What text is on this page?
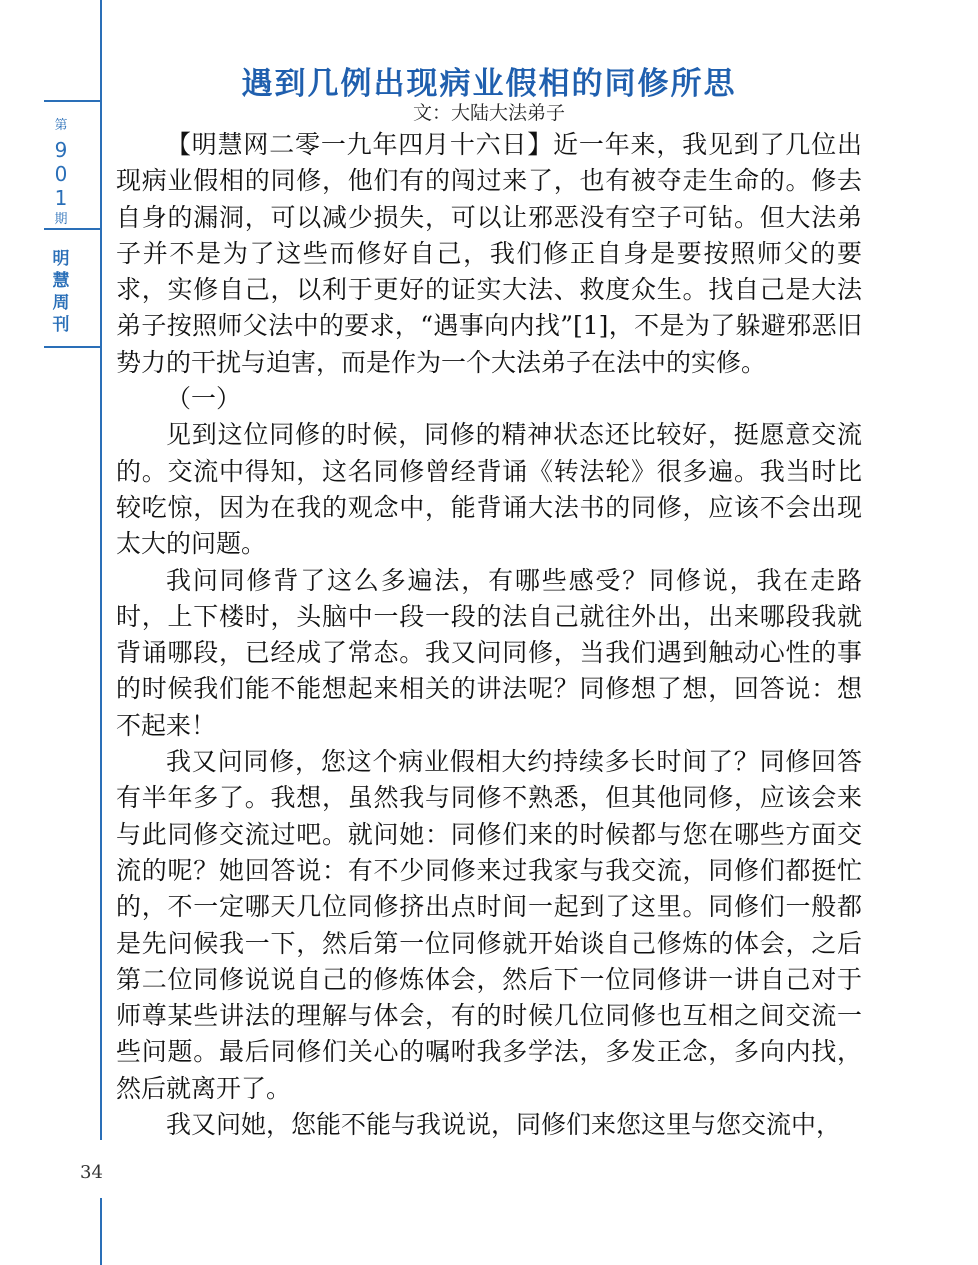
第
9
0
1
期
明
慧
周
刊
34
遇到几例出现病业假相的同修所思
文：大陆大法弟子

【明慧网二零一九年四月十六日】近一年来，我见到了几位出现病业假相的同修，他们有的闯过来了，也有被夺走生命的。修去自身的漏洞，可以减少损失，可以让邪恶没有空子可钻。但大法弟子并不是为了这些而修好自己，我们修正自身是要按照师父的要求，实修自己，以利于更好的证实大法、救度众生。找自己是大法弟子按照师父法中的要求，“遇事向内找”[1]，不是为了躲避邪恶旧势力的干扰与迫害，而是作为一个大法弟子在法中的实修。

（一）

见到这位同修的时候，同修的精神状态还比较好，挺愿意交流的。交流中得知，这名同修曾经背诵《转法轮》很多遍。我当时比较吃惊，因为在我的观念中，能背诵大法书的同修，应该不会出现太大的问题。

我问同修背了这么多遍法，有哪些感受？同修说，我在走路时，上下楼时，头脑中一段一段的法自己就往外出，出来哪段我就背诵哪段，已经成了常态。我又问同修，当我们遇到触动心性的事的时候我们能不能想起来相关的讲法呢？同修想了想，回答说：想不起来！

我又问同修，您这个病业假相大约持续多长时间了？同修回答有半年多了。我想，虽然我与同修不熟悉，但其他同修，应该会来与此同修交流过吧。就问她：同修们来的时候都与您在哪些方面交流的呢？她回答说：有不少同修来过我家与我交流，同修们都挺忙的，不一定哪天几位同修挤出点时间一起到了这里。同修们一般都是先问候我一下，然后第一位同修就开始谈自己修炼的体会，之后第二位同修说说自己的修炼体会，然后下一位同修讲一讲自己对于师尊某些讲法的理解与体会，有的时候几位同修也互相之间交流一些问题。最后同修们关心的嘱咐我多学法，多发正念，多向内找，然后就离开了。

我又问她，您能不能与我说说，同修们来您这里与您交流中，
